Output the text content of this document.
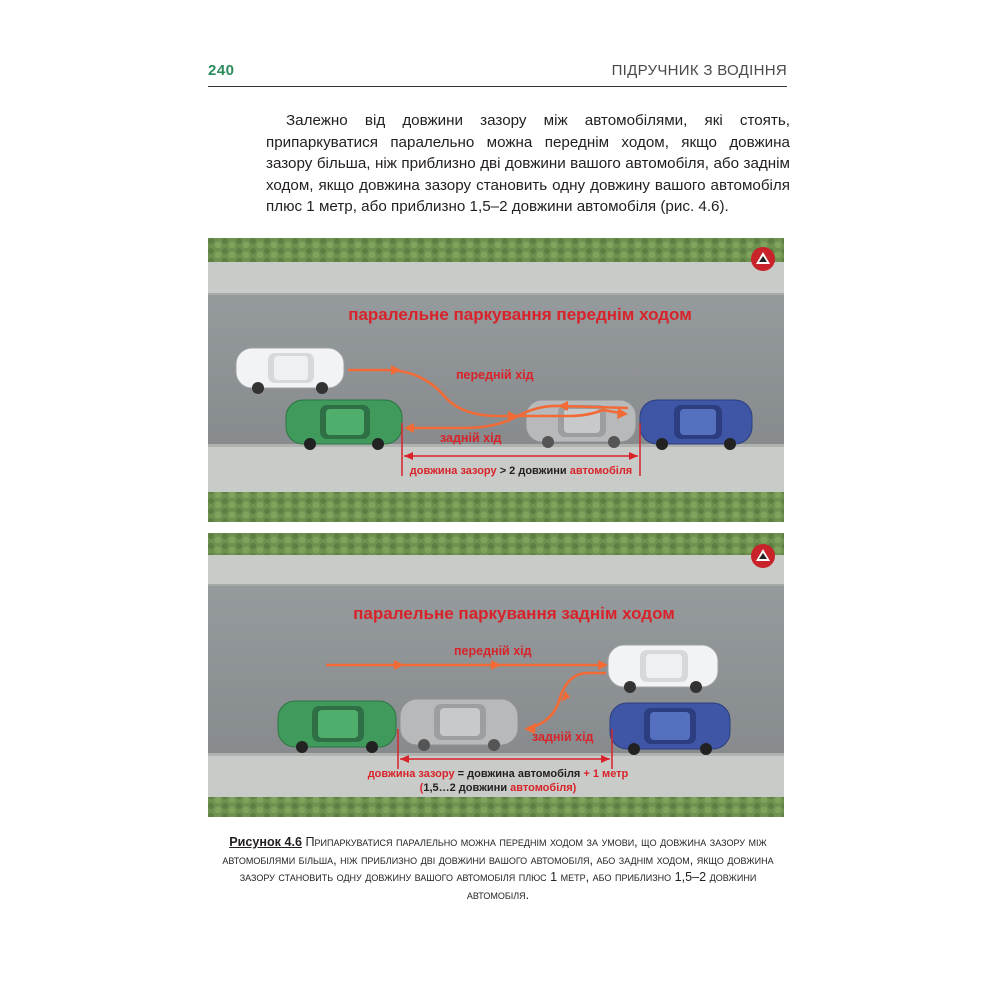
240	ПІДРУЧНИК З ВОДІННЯ
Залежно від довжини зазору між автомобілями, які стоять, припаркуватися паралельно можна переднім ходом, якщо довжина зазору більша, ніж приблизно дві довжини вашого автомобіля, або заднім ходом, якщо довжина зазору становить одну довжину вашого автомобіля плюс 1 метр, або приблизно 1,5–2 довжини автомобіля (рис. 4.6).
паралельне паркування переднім ходом
передній хід
задній хід
довжина зазору > 2 довжини автомобіля
паралельне паркування заднім ходом
передній хід
задній хід
довжина зазору = довжина автомобіля + 1 метр
(1,5…2 довжини автомобіля)
Рисунок 4.6 Припаркуватися паралельно можна переднім ходом за умови, що довжина зазору між автомобілями більша, ніж приблизно дві довжини вашого автомобіля, або заднім ходом, якщо довжина зазору становить одну довжину вашого автомобіля плюс 1 метр, або приблизно 1,5–2 довжини автомобіля.
